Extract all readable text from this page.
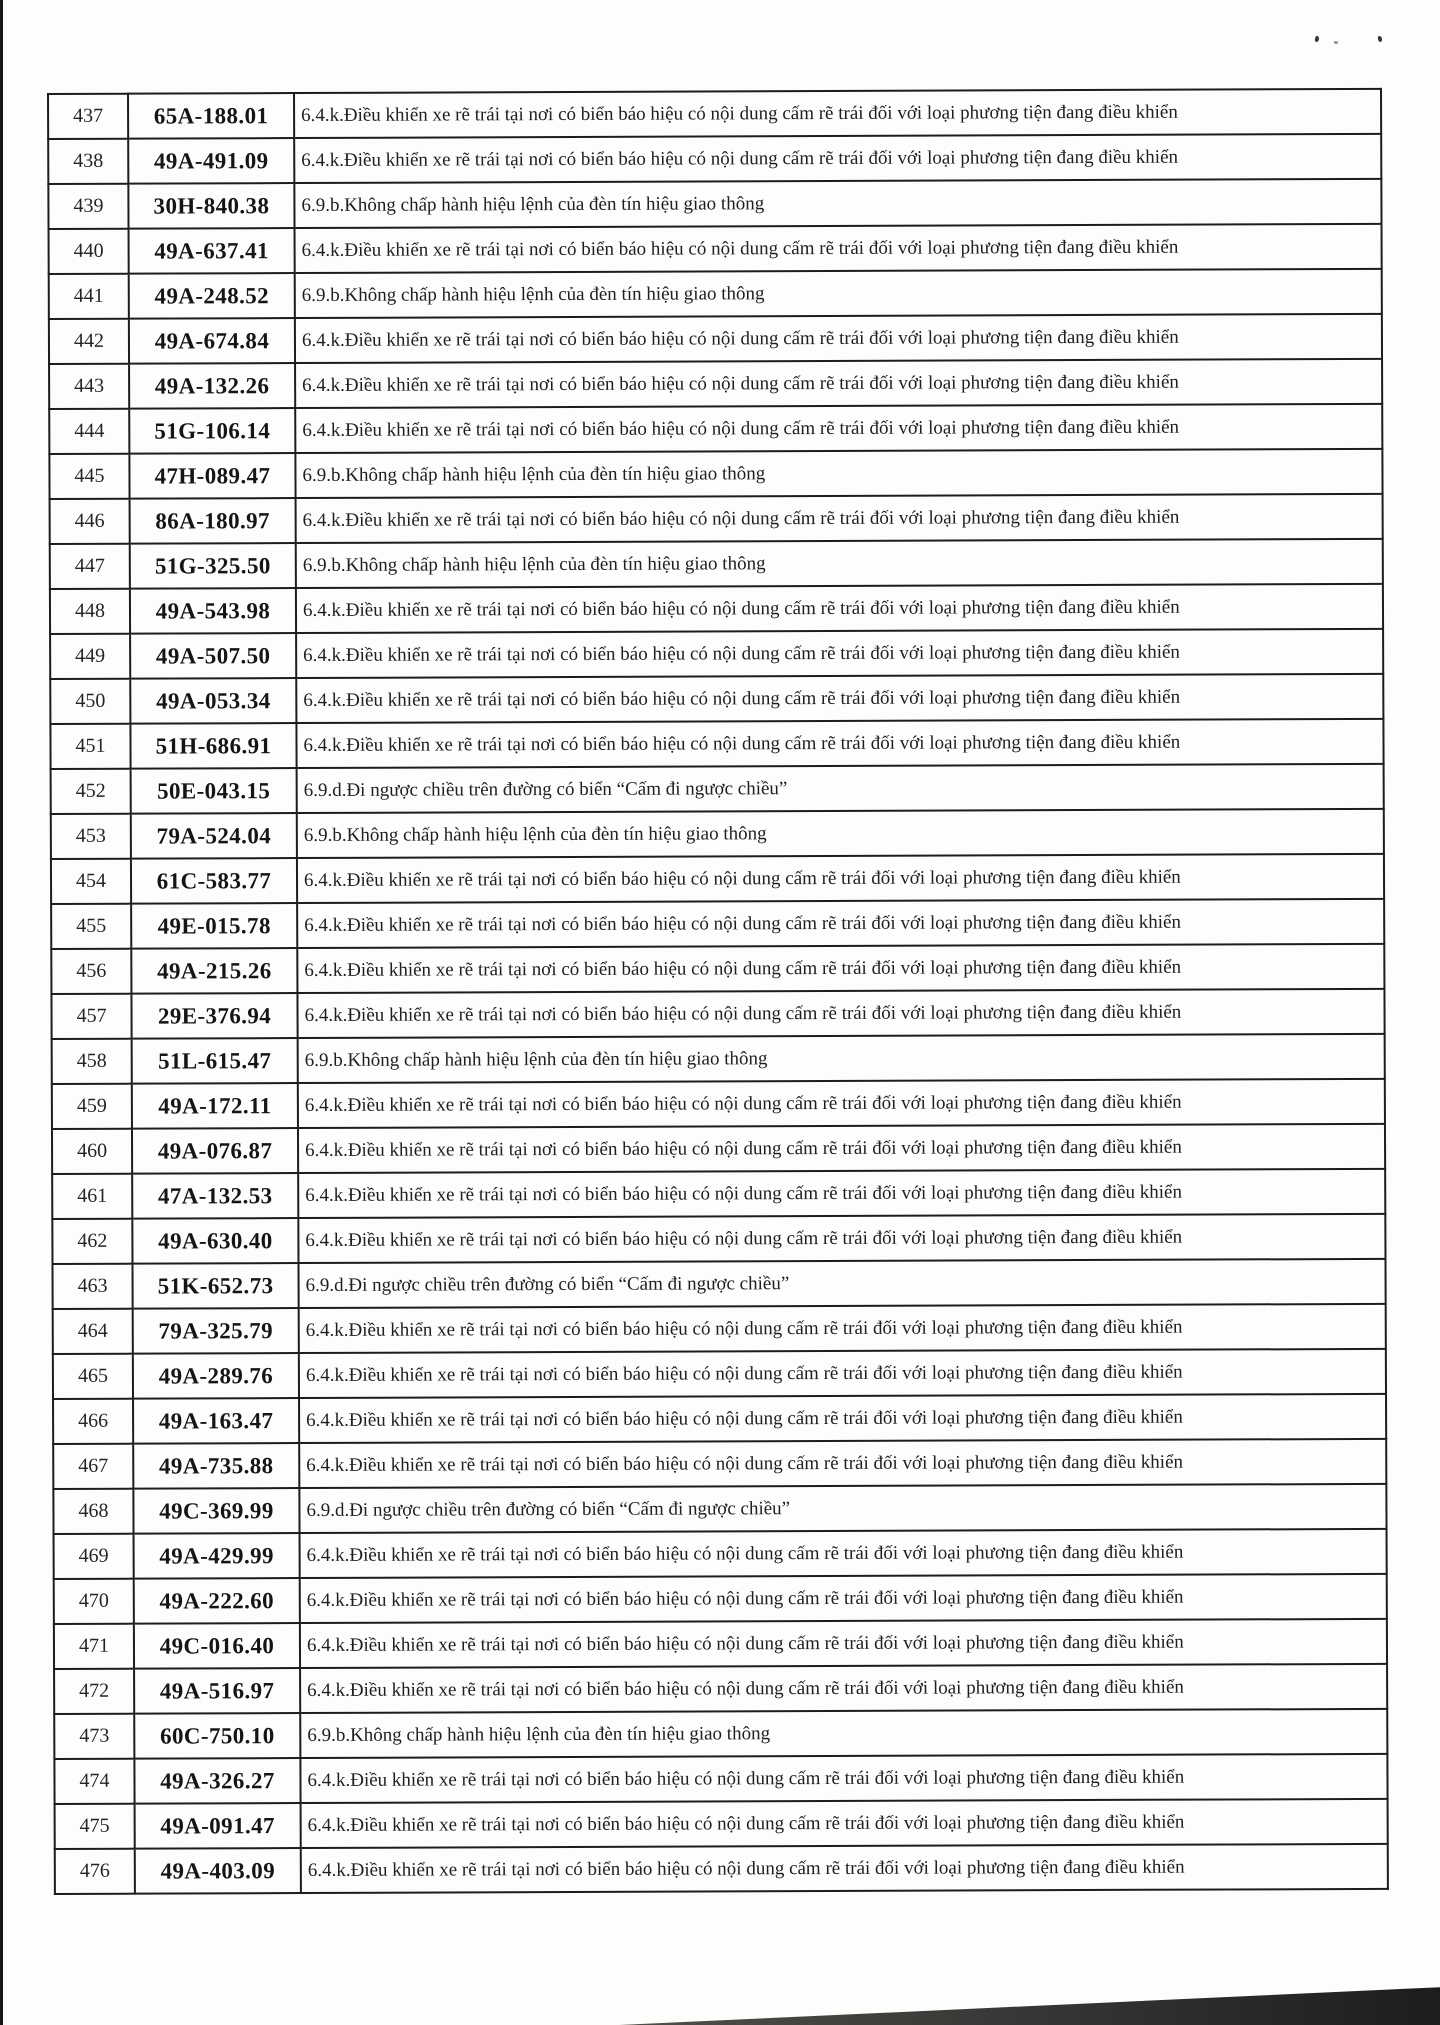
437	65A-188.01	6.4.k.Điều khiển xe rẽ trái tại nơi có biển báo hiệu có nội dung cấm rẽ trái đối với loại phương tiện đang điều khiển
438	49A-491.09	6.4.k.Điều khiển xe rẽ trái tại nơi có biển báo hiệu có nội dung cấm rẽ trái đối với loại phương tiện đang điều khiển
439	30H-840.38	6.9.b.Không chấp hành hiệu lệnh của đèn tín hiệu giao thông
440	49A-637.41	6.4.k.Điều khiển xe rẽ trái tại nơi có biển báo hiệu có nội dung cấm rẽ trái đối với loại phương tiện đang điều khiển
441	49A-248.52	6.9.b.Không chấp hành hiệu lệnh của đèn tín hiệu giao thông
442	49A-674.84	6.4.k.Điều khiển xe rẽ trái tại nơi có biển báo hiệu có nội dung cấm rẽ trái đối với loại phương tiện đang điều khiển
443	49A-132.26	6.4.k.Điều khiển xe rẽ trái tại nơi có biển báo hiệu có nội dung cấm rẽ trái đối với loại phương tiện đang điều khiển
444	51G-106.14	6.4.k.Điều khiển xe rẽ trái tại nơi có biển báo hiệu có nội dung cấm rẽ trái đối với loại phương tiện đang điều khiển
445	47H-089.47	6.9.b.Không chấp hành hiệu lệnh của đèn tín hiệu giao thông
446	86A-180.97	6.4.k.Điều khiển xe rẽ trái tại nơi có biển báo hiệu có nội dung cấm rẽ trái đối với loại phương tiện đang điều khiển
447	51G-325.50	6.9.b.Không chấp hành hiệu lệnh của đèn tín hiệu giao thông
448	49A-543.98	6.4.k.Điều khiển xe rẽ trái tại nơi có biển báo hiệu có nội dung cấm rẽ trái đối với loại phương tiện đang điều khiển
449	49A-507.50	6.4.k.Điều khiển xe rẽ trái tại nơi có biển báo hiệu có nội dung cấm rẽ trái đối với loại phương tiện đang điều khiển
450	49A-053.34	6.4.k.Điều khiển xe rẽ trái tại nơi có biển báo hiệu có nội dung cấm rẽ trái đối với loại phương tiện đang điều khiển
451	51H-686.91	6.4.k.Điều khiển xe rẽ trái tại nơi có biển báo hiệu có nội dung cấm rẽ trái đối với loại phương tiện đang điều khiển
452	50E-043.15	6.9.d.Đi ngược chiều trên đường có biển “Cấm đi ngược chiều”
453	79A-524.04	6.9.b.Không chấp hành hiệu lệnh của đèn tín hiệu giao thông
454	61C-583.77	6.4.k.Điều khiển xe rẽ trái tại nơi có biển báo hiệu có nội dung cấm rẽ trái đối với loại phương tiện đang điều khiển
455	49E-015.78	6.4.k.Điều khiển xe rẽ trái tại nơi có biển báo hiệu có nội dung cấm rẽ trái đối với loại phương tiện đang điều khiển
456	49A-215.26	6.4.k.Điều khiển xe rẽ trái tại nơi có biển báo hiệu có nội dung cấm rẽ trái đối với loại phương tiện đang điều khiển
457	29E-376.94	6.4.k.Điều khiển xe rẽ trái tại nơi có biển báo hiệu có nội dung cấm rẽ trái đối với loại phương tiện đang điều khiển
458	51L-615.47	6.9.b.Không chấp hành hiệu lệnh của đèn tín hiệu giao thông
459	49A-172.11	6.4.k.Điều khiển xe rẽ trái tại nơi có biển báo hiệu có nội dung cấm rẽ trái đối với loại phương tiện đang điều khiển
460	49A-076.87	6.4.k.Điều khiển xe rẽ trái tại nơi có biển báo hiệu có nội dung cấm rẽ trái đối với loại phương tiện đang điều khiển
461	47A-132.53	6.4.k.Điều khiển xe rẽ trái tại nơi có biển báo hiệu có nội dung cấm rẽ trái đối với loại phương tiện đang điều khiển
462	49A-630.40	6.4.k.Điều khiển xe rẽ trái tại nơi có biển báo hiệu có nội dung cấm rẽ trái đối với loại phương tiện đang điều khiển
463	51K-652.73	6.9.d.Đi ngược chiều trên đường có biển “Cấm đi ngược chiều”
464	79A-325.79	6.4.k.Điều khiển xe rẽ trái tại nơi có biển báo hiệu có nội dung cấm rẽ trái đối với loại phương tiện đang điều khiển
465	49A-289.76	6.4.k.Điều khiển xe rẽ trái tại nơi có biển báo hiệu có nội dung cấm rẽ trái đối với loại phương tiện đang điều khiển
466	49A-163.47	6.4.k.Điều khiển xe rẽ trái tại nơi có biển báo hiệu có nội dung cấm rẽ trái đối với loại phương tiện đang điều khiển
467	49A-735.88	6.4.k.Điều khiển xe rẽ trái tại nơi có biển báo hiệu có nội dung cấm rẽ trái đối với loại phương tiện đang điều khiển
468	49C-369.99	6.9.d.Đi ngược chiều trên đường có biển “Cấm đi ngược chiều”
469	49A-429.99	6.4.k.Điều khiển xe rẽ trái tại nơi có biển báo hiệu có nội dung cấm rẽ trái đối với loại phương tiện đang điều khiển
470	49A-222.60	6.4.k.Điều khiển xe rẽ trái tại nơi có biển báo hiệu có nội dung cấm rẽ trái đối với loại phương tiện đang điều khiển
471	49C-016.40	6.4.k.Điều khiển xe rẽ trái tại nơi có biển báo hiệu có nội dung cấm rẽ trái đối với loại phương tiện đang điều khiển
472	49A-516.97	6.4.k.Điều khiển xe rẽ trái tại nơi có biển báo hiệu có nội dung cấm rẽ trái đối với loại phương tiện đang điều khiển
473	60C-750.10	6.9.b.Không chấp hành hiệu lệnh của đèn tín hiệu giao thông
474	49A-326.27	6.4.k.Điều khiển xe rẽ trái tại nơi có biển báo hiệu có nội dung cấm rẽ trái đối với loại phương tiện đang điều khiển
475	49A-091.47	6.4.k.Điều khiển xe rẽ trái tại nơi có biển báo hiệu có nội dung cấm rẽ trái đối với loại phương tiện đang điều khiển
476	49A-403.09	6.4.k.Điều khiển xe rẽ trái tại nơi có biển báo hiệu có nội dung cấm rẽ trái đối với loại phương tiện đang điều khiển
